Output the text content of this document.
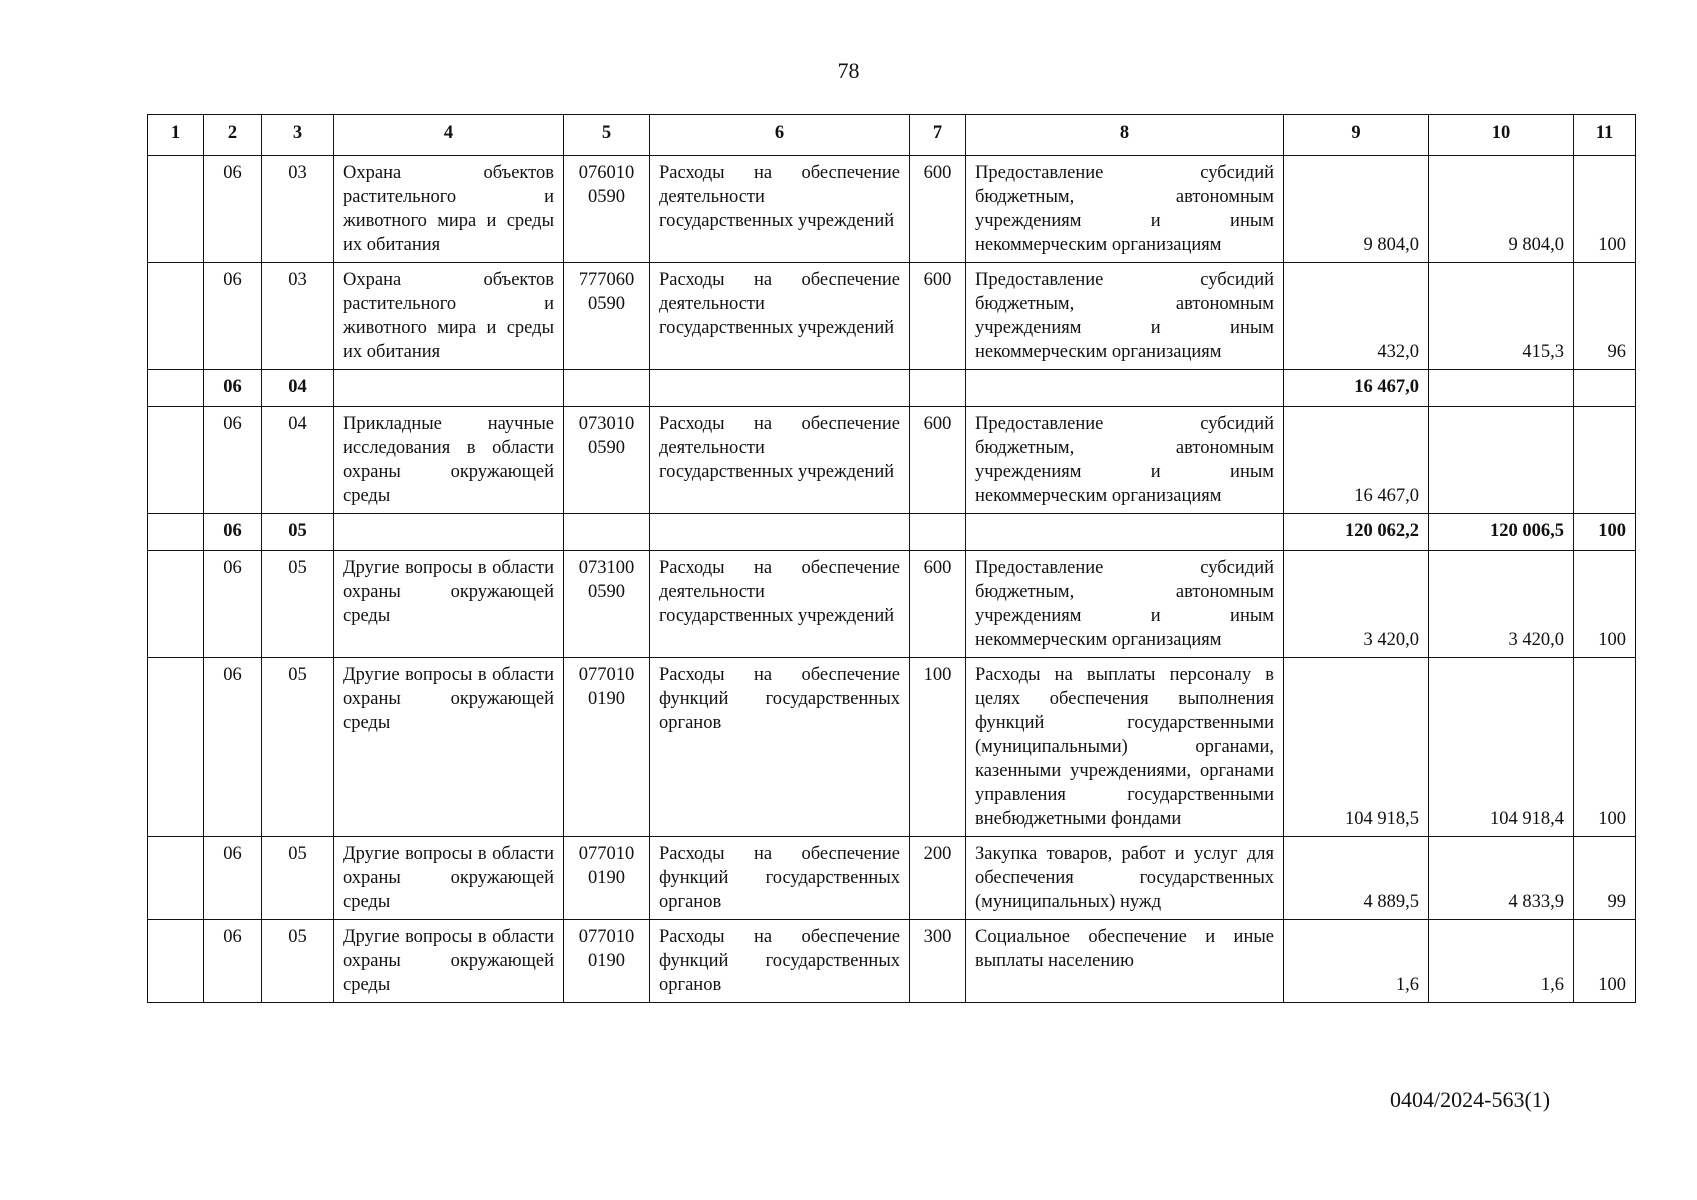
78
1	2	3	4	5	6	7	8	9	10	11
	06	03	Охрана объектов растительного и животного мира и среды их обитания	076010 0590	Расходы на обеспечение деятельности государственных учреждений	600	Предоставление субсидий бюджетным, автономным учреждениям и иным некоммерческим организациям	9 804,0	9 804,0	100
	06	03	Охрана объектов растительного и животного мира и среды их обитания	777060 0590	Расходы на обеспечение деятельности государственных учреждений	600	Предоставление субсидий бюджетным, автономным учреждениям и иным некоммерческим организациям	432,0	415,3	96
	06	04						16 467,0		
	06	04	Прикладные научные исследования в области охраны окружающей среды	073010 0590	Расходы на обеспечение деятельности государственных учреждений	600	Предоставление субсидий бюджетным, автономным учреждениям и иным некоммерческим организациям	16 467,0		
	06	05						120 062,2	120 006,5	100
	06	05	Другие вопросы в области охраны окружающей среды	073100 0590	Расходы на обеспечение деятельности государственных учреждений	600	Предоставление субсидий бюджетным, автономным учреждениям и иным некоммерческим организациям	3 420,0	3 420,0	100
	06	05	Другие вопросы в области охраны окружающей среды	077010 0190	Расходы на обеспечение функций государственных органов	100	Расходы на выплаты персоналу в целях обеспечения выполнения функций государственными (муниципальными) органами, казенными учреждениями, органами управления государственными внебюджетными фондами	104 918,5	104 918,4	100
	06	05	Другие вопросы в области охраны окружающей среды	077010 0190	Расходы на обеспечение функций государственных органов	200	Закупка товаров, работ и услуг для обеспечения государственных (муниципальных) нужд	4 889,5	4 833,9	99
	06	05	Другие вопросы в области охраны окружающей среды	077010 0190	Расходы на обеспечение функций государственных органов	300	Социальное обеспечение и иные выплаты населению	1,6	1,6	100
0404/2024-563(1)
